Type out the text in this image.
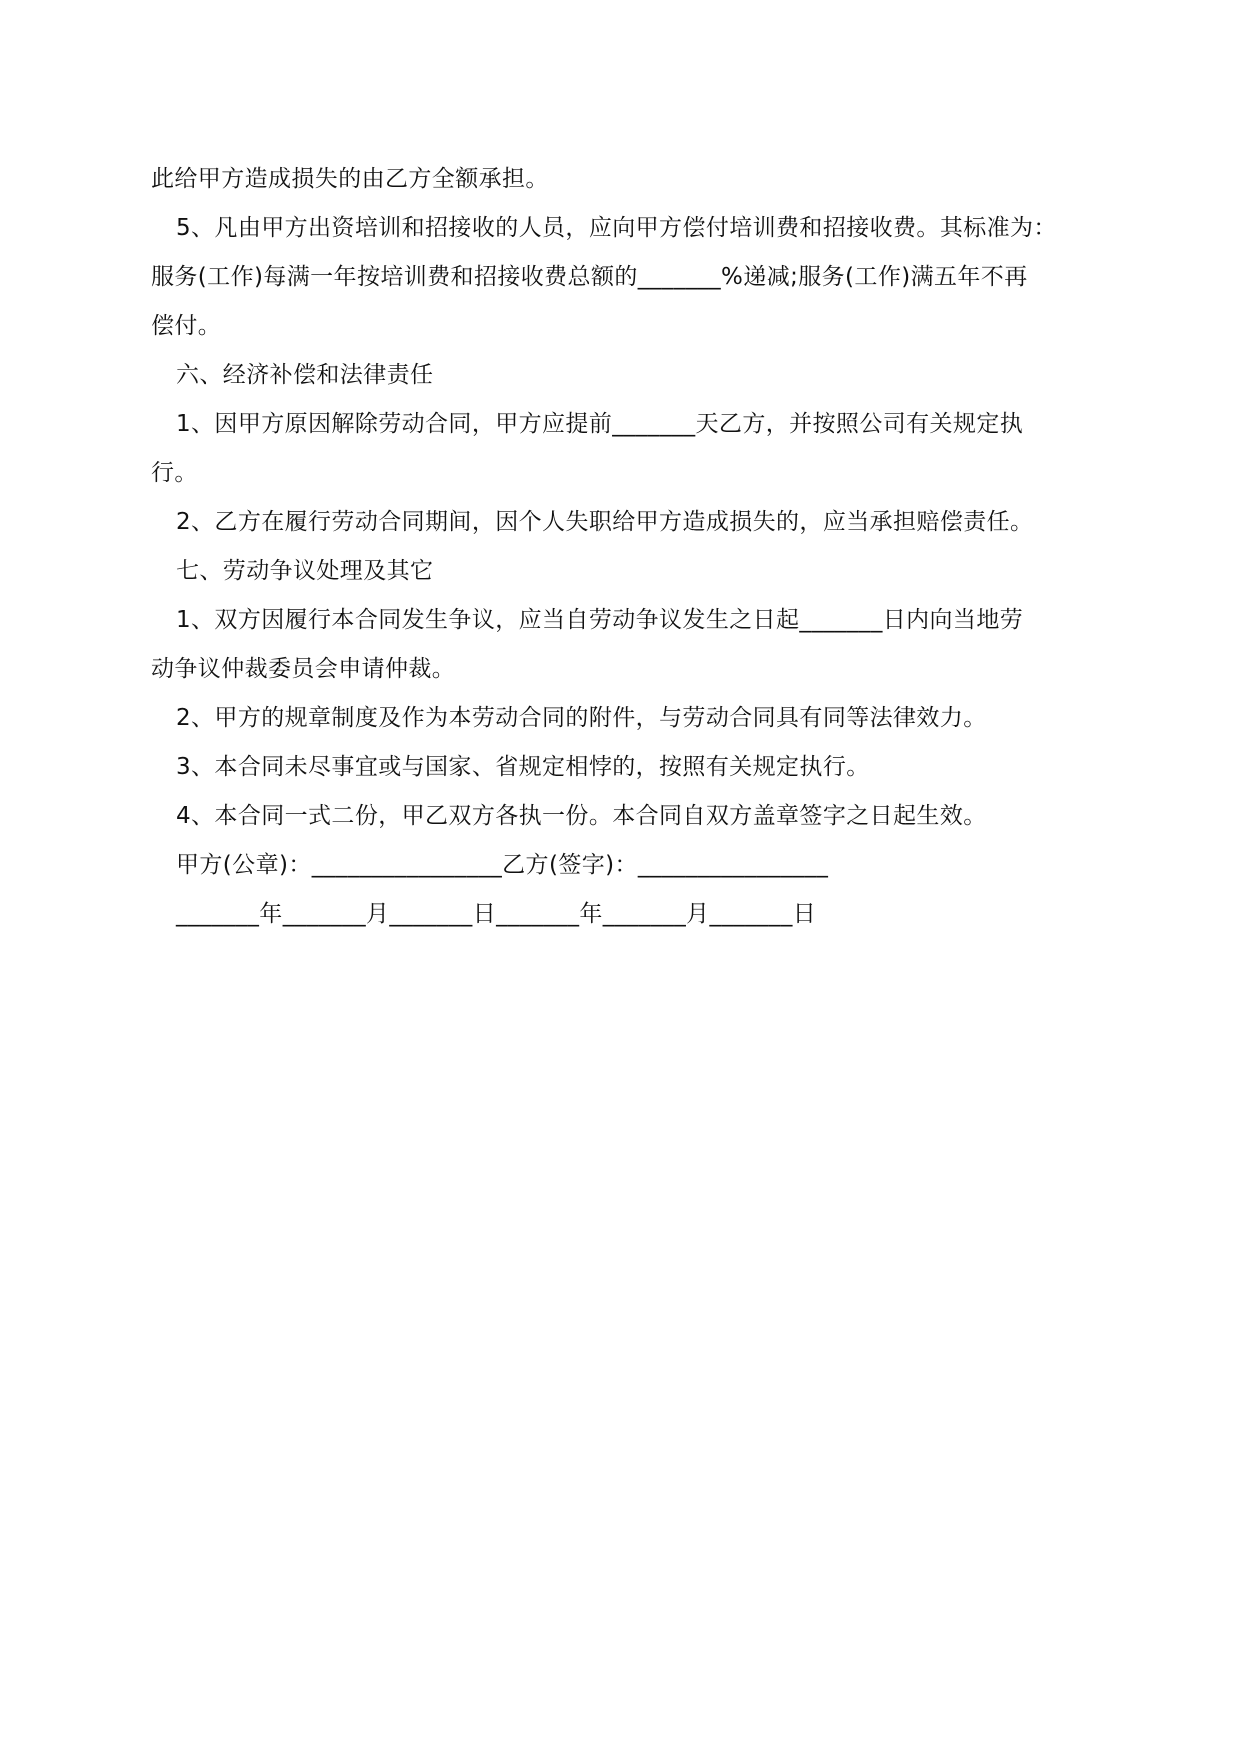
此给甲方造成损失的由乙方全额承担。
5、凡由甲方出资培训和招接收的人员，应向甲方偿付培训费和招接收费。其标准为：
服务(工作)每满一年按培训费和招接收费总额的_______%递减;服务(工作)满五年不再
偿付。
六、经济补偿和法律责任
1、因甲方原因解除劳动合同，甲方应提前_______天乙方，并按照公司有关规定执
行。
2、乙方在履行劳动合同期间，因个人失职给甲方造成损失的，应当承担赔偿责任。
七、劳动争议处理及其它
1、双方因履行本合同发生争议，应当自劳动争议发生之日起_______日内向当地劳
动争议仲裁委员会申请仲裁。
2、甲方的规章制度及作为本劳动合同的附件，与劳动合同具有同等法律效力。
3、本合同未尽事宜或与国家、省规定相悖的，按照有关规定执行。
4、本合同一式二份，甲乙双方各执一份。本合同自双方盖章签字之日起生效。
甲方(公章)：________________乙方(签字)：________________
_______年_______月_______日_______年_______月_______日
